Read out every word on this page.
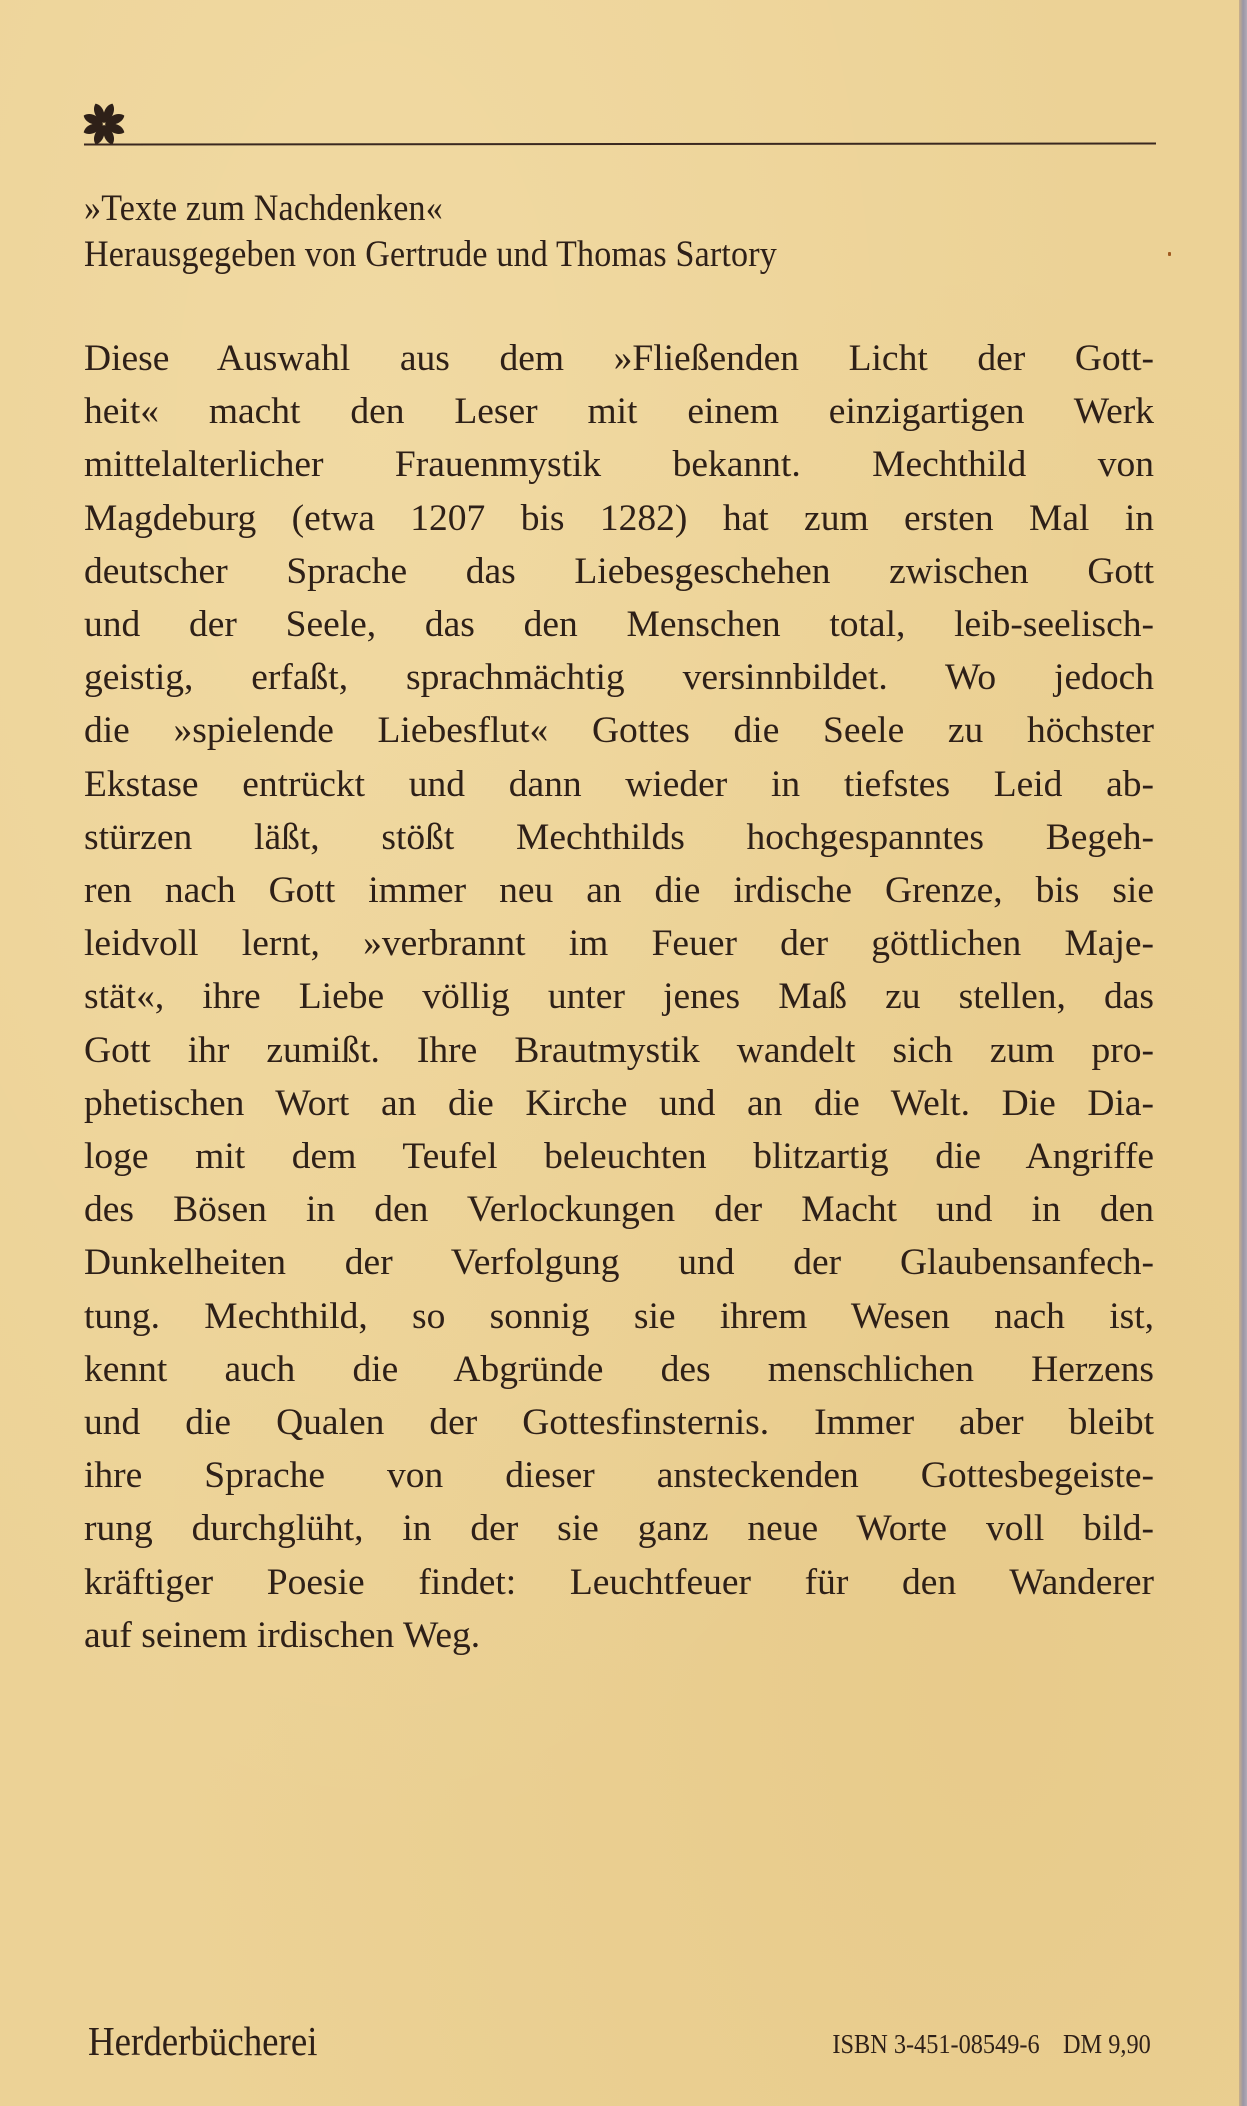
»Texte zum Nachdenken«
Herausgegeben von Gertrude und Thomas Sartory
Diese Auswahl aus dem »Fließenden Licht der Gott-
heit« macht den Leser mit einem einzigartigen Werk
mittelalterlicher Frauenmystik bekannt. Mechthild von
Magdeburg (etwa 1207 bis 1282) hat zum ersten Mal in
deutscher Sprache das Liebesgeschehen zwischen Gott
und der Seele, das den Menschen total, leib-seelisch-
geistig, erfaßt, sprachmächtig versinnbildet. Wo jedoch
die »spielende Liebesflut« Gottes die Seele zu höchster
Ekstase entrückt und dann wieder in tiefstes Leid ab-
stürzen läßt, stößt Mechthilds hochgespanntes Begeh-
ren nach Gott immer neu an die irdische Grenze, bis sie
leidvoll lernt, »verbrannt im Feuer der göttlichen Maje-
stät«, ihre Liebe völlig unter jenes Maß zu stellen, das
Gott ihr zumißt. Ihre Brautmystik wandelt sich zum pro-
phetischen Wort an die Kirche und an die Welt. Die Dia-
loge mit dem Teufel beleuchten blitzartig die Angriffe
des Bösen in den Verlockungen der Macht und in den
Dunkelheiten der Verfolgung und der Glaubensanfech-
tung. Mechthild, so sonnig sie ihrem Wesen nach ist,
kennt auch die Abgründe des menschlichen Herzens
und die Qualen der Gottesfinsternis. Immer aber bleibt
ihre Sprache von dieser ansteckenden Gottesbegeiste-
rung durchglüht, in der sie ganz neue Worte voll bild-
kräftiger Poesie findet: Leuchtfeuer für den Wanderer
auf seinem irdischen Weg.
Herderbücherei	ISBN 3-451-08549-6 DM 9,90
